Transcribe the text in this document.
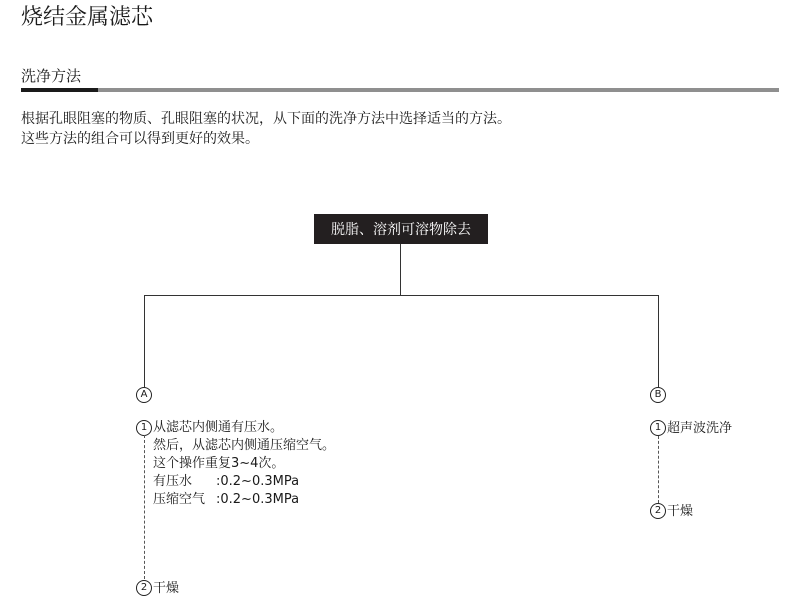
烧结金属滤芯
洗净方法
根据孔眼阻塞的物质、孔眼阻塞的状况，从下面的洗净方法中选择适当的方法。
这些方法的组合可以得到更好的效果。
脱脂、溶剂可溶物除去
A
1 从滤芯内侧通有压水。
然后，从滤芯内侧通压缩空气。
这个操作重复3~4次。
有压水 :0.2~0.3MPa
压缩空气 :0.2~0.3MPa
2 干燥
B
1 超声波洗净
2 干燥
